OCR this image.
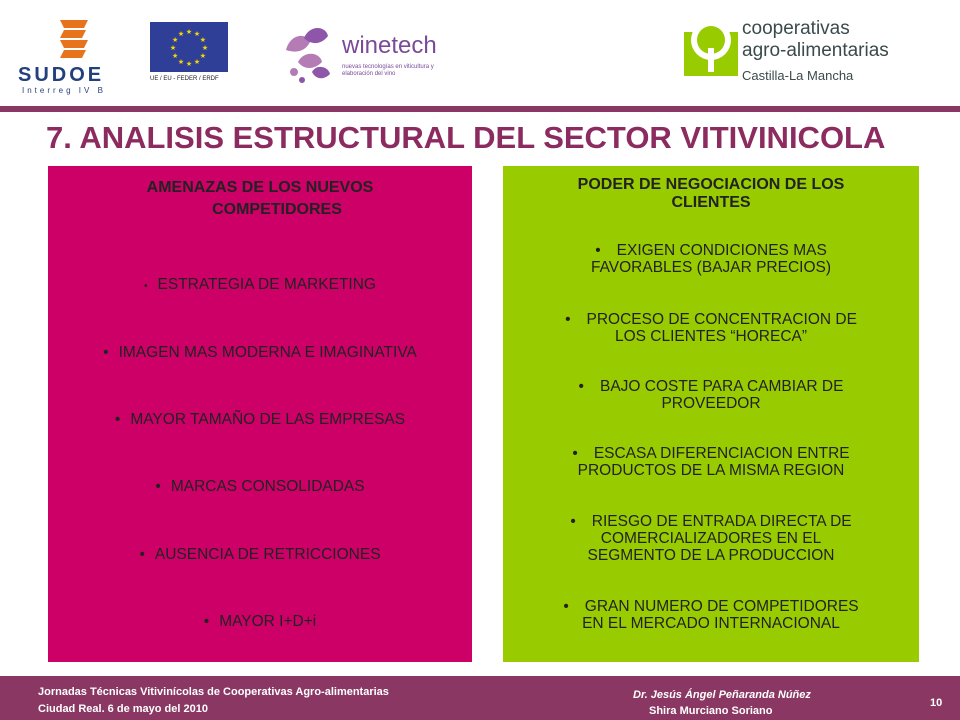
SUDOE
Interreg IV B
★
★
★
★
★
★
★
★
★ ★ ★
★
UE / EU - FEDER / ERDF
winetech
nuevas tecnologías en viticultura y elaboración del vino
cooperativas
agro-alimentarias
Castilla-La Mancha
7. ANALISIS ESTRUCTURAL DEL SECTOR VITIVINICOLA
AMENAZAS DE LOS NUEVOS
COMPETIDORES
• ESTRATEGIA DE MARKETING
• IMAGEN MAS MODERNA E IMAGINATIVA
• MAYOR TAMAÑO DE LAS EMPRESAS
• MARCAS CONSOLIDADAS
• AUSENCIA DE RETRICCIONES
• MAYOR I+D+i
PODER DE NEGOCIACION DE LOS
CLIENTES
• EXIGEN CONDICIONES MAS
FAVORABLES (BAJAR PRECIOS)
• PROCESO DE CONCENTRACION DE
LOS CLIENTES “HORECA”
• BAJO COSTE PARA CAMBIAR DE
PROVEEDOR
• ESCASA DIFERENCIACION ENTRE
PRODUCTOS DE LA MISMA REGION
• RIESGO DE ENTRADA DIRECTA DE
COMERCIALIZADORES EN EL
SEGMENTO DE LA PRODUCCION
• GRAN NUMERO DE COMPETIDORES
EN EL MERCADO INTERNACIONAL
Jornadas Técnicas Vitivinícolas de Cooperativas Agro-alimentarias
Ciudad Real. 6 de mayo del 2010
Dr. Jesús Ángel Peñaranda Núñez
Shira Murciano Soriano
10
